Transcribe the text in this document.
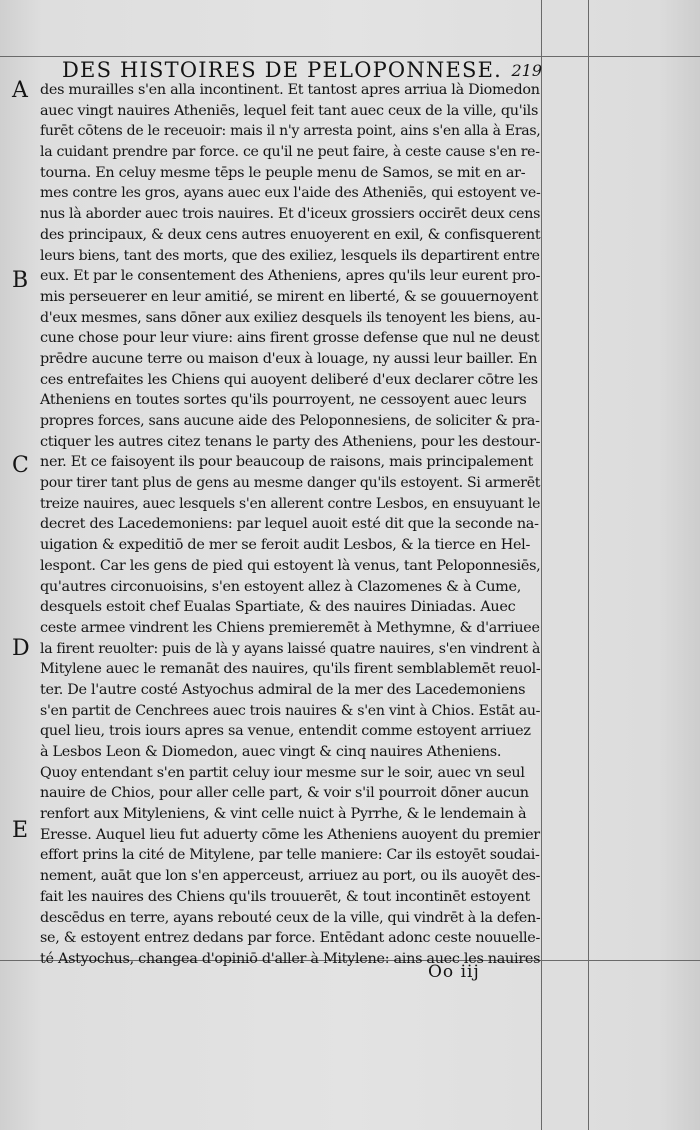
DES HISTOIRES DE PELOPONNESE. 219
A
B
C
D
E
des murailles s'en alla incontinent. Et tantost apres arriua là Diomedon
auec vingt nauires Atheniēs, lequel feit tant auec ceux de la ville, qu'ils
furēt cōtens de le receuoir: mais il n'y arresta point, ains s'en alla à Eras,
la cuidant prendre par force. ce qu'il ne peut faire, à ceste cause s'en re-
tourna. En celuy mesme tēps le peuple menu de Samos, se mit en ar-
mes contre les gros, ayans auec eux l'aide des Atheniēs, qui estoyent ve-
nus là aborder auec trois nauires. Et d'iceux grossiers occirēt deux cens
des principaux, & deux cens autres enuoyerent en exil, & confisquerent
leurs biens, tant des morts, que des exiliez, lesquels ils departirent entre
eux. Et par le consentement des Atheniens, apres qu'ils leur eurent pro-
mis perseuerer en leur amitié, se mirent en liberté, & se gouuernoyent
d'eux mesmes, sans dōner aux exiliez desquels ils tenoyent les biens, au-
cune chose pour leur viure: ains firent grosse defense que nul ne deust
prēdre aucune terre ou maison d'eux à louage, ny aussi leur bailler. En
ces entrefaites les Chiens qui auoyent deliberé d'eux declarer cōtre les
Atheniens en toutes sortes qu'ils pourroyent, ne cessoyent auec leurs
propres forces, sans aucune aide des Peloponnesiens, de soliciter & pra-
ctiquer les autres citez tenans le party des Atheniens, pour les destour-
ner. Et ce faisoyent ils pour beaucoup de raisons, mais principalement
pour tirer tant plus de gens au mesme danger qu'ils estoyent. Si armerēt
treize nauires, auec lesquels s'en allerent contre Lesbos, en ensuyuant le
decret des Lacedemoniens: par lequel auoit esté dit que la seconde na-
uigation & expeditiō de mer se feroit audit Lesbos, & la tierce en Hel-
lespont. Car les gens de pied qui estoyent là venus, tant Peloponnesiēs,
qu'autres circonuoisins, s'en estoyent allez à Clazomenes & à Cume,
desquels estoit chef Eualas Spartiate, & des nauires Diniadas. Auec
ceste armee vindrent les Chiens premieremēt à Methymne, & d'arriuee
la firent reuolter: puis de là y ayans laissé quatre nauires, s'en vindrent à
Mitylene auec le remanāt des nauires, qu'ils firent semblablemēt reuol-
ter. De l'autre costé Astyochus admiral de la mer des Lacedemoniens
s'en partit de Cenchrees auec trois nauires & s'en vint à Chios. Estāt au-
quel lieu, trois iours apres sa venue, entendit comme estoyent arriuez
à Lesbos Leon & Diomedon, auec vingt & cinq nauires Atheniens.
Quoy entendant s'en partit celuy iour mesme sur le soir, auec vn seul
nauire de Chios, pour aller celle part, & voir s'il pourroit dōner aucun
renfort aux Mityleniens, & vint celle nuict à Pyrrhe, & le lendemain à
Eresse. Auquel lieu fut aduerty cōme les Atheniens auoyent du premier
effort prins la cité de Mitylene, par telle maniere: Car ils estoyēt soudai-
nement, auāt que lon s'en apperceust, arriuez au port, ou ils auoyēt des-
fait les nauires des Chiens qu'ils trouuerēt, & tout incontinēt estoyent
descēdus en terre, ayans rebouté ceux de la ville, qui vindrēt à la defen-
se, & estoyent entrez dedans par force. Entēdant adonc ceste nouuelle-
té Astyochus, changea d'opiniō d'aller à Mitylene: ains auec les nauires
Oo iij
